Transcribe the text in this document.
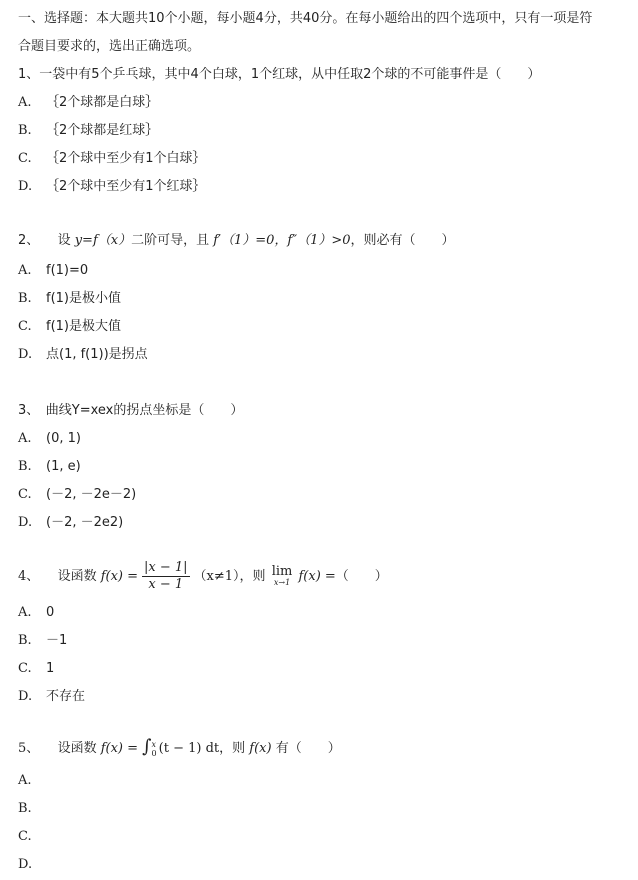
一、选择题：本大题共10个小题，每小题4分，共40分。在每小题给出的四个选项中，只有一项是符
合题目要求的，选出正确选项。
1、一袋中有5个乒乓球，其中4个白球，1个红球，从中任取2个球的不可能事件是（　　）
A. ｛2个球都是白球｝
B. ｛2个球都是红球｝
C. ｛2个球中至少有1个白球｝
D. ｛2个球中至少有1个红球｝
2、 设 y=f（x）二阶可导，且 f′（1）=0，f″（1）>0，则必有（　　）
A. f(1)=0
B. f(1)是极小值
C. f(1)是极大值
D. 点(1, f(1))是拐点
3、　曲线Y=xex的拐点坐标是（　　）
A. (0, 1)
B. (1, e)
C. (－2, －2e－2)
D. (－2, －2e2)
4、 设函数 $f(x) = \frac{|x - 1|}{x - 1} (x\ne 1)$，则 lim
x→1 f(x) =（　　）
A. 0
B. －1
C. 1
D. 不存在
5、 设函数 f(x) = ∫ x
0 (t − 1) dt，则 f(x) 有（　　）
A.
B.
C.
D.
